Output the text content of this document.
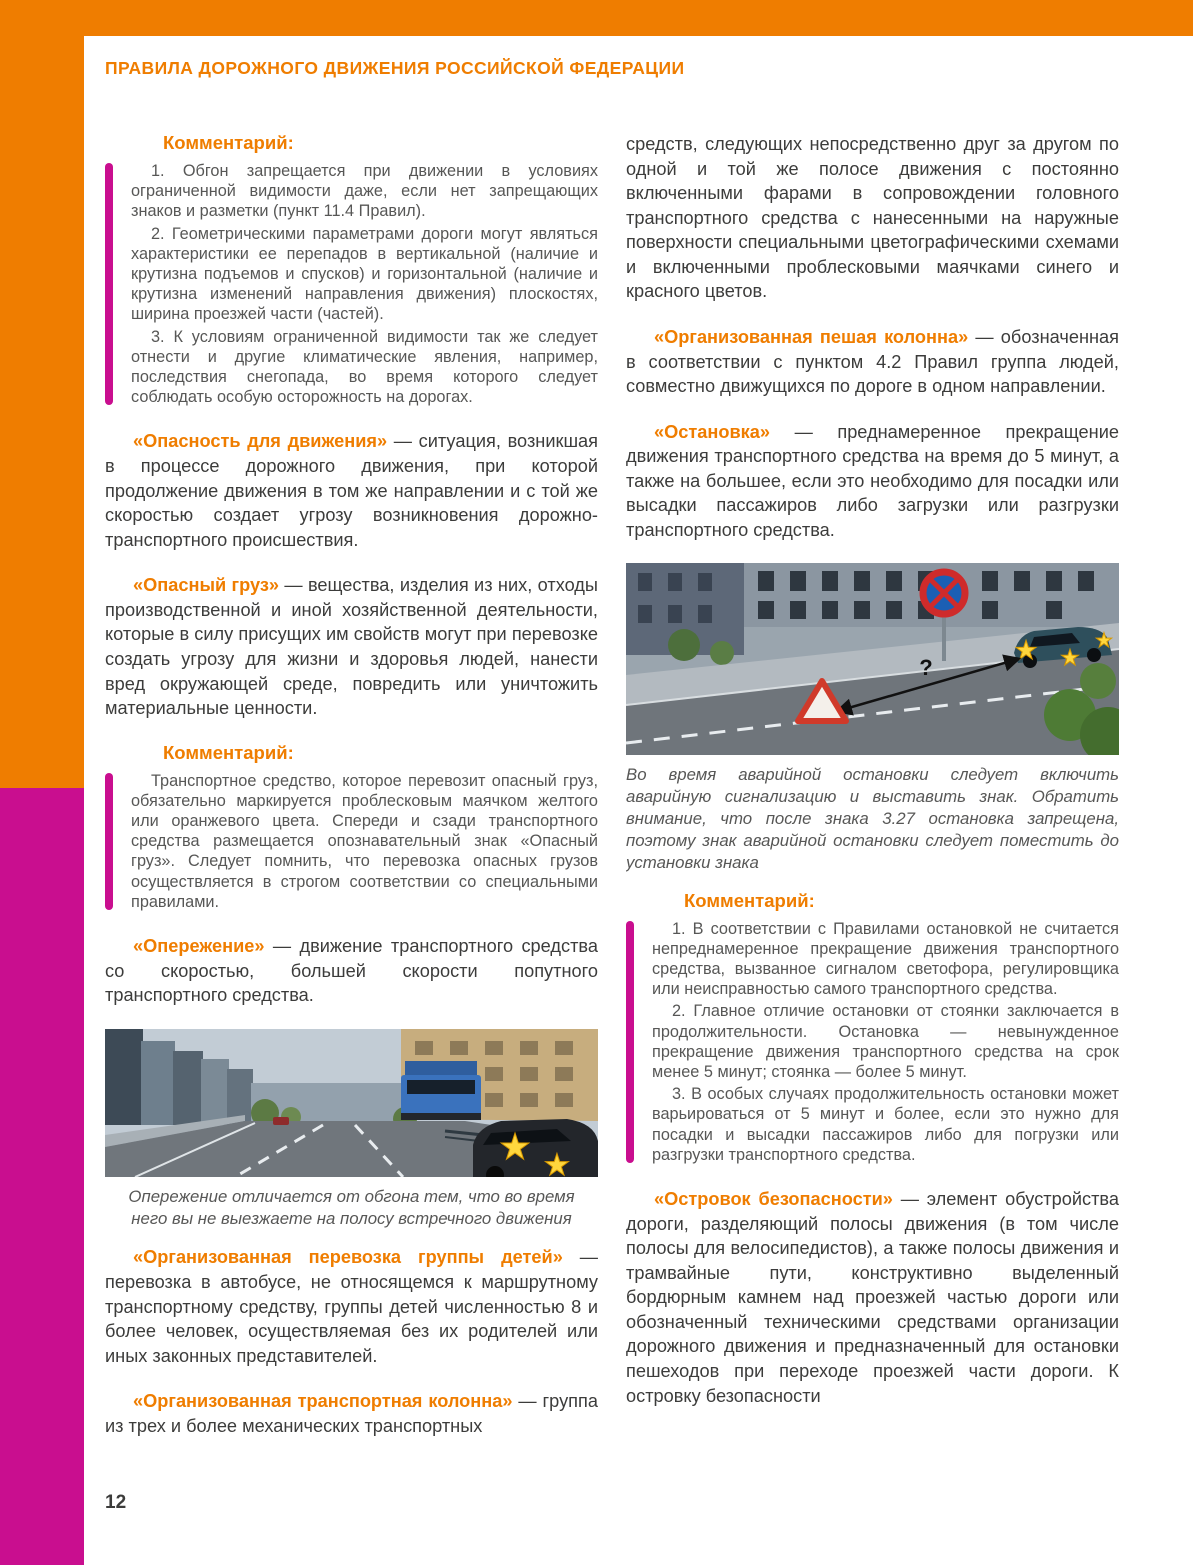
ПРАВИЛА ДОРОЖНОГО ДВИЖЕНИЯ РОССИЙСКОЙ ФЕДЕРАЦИИ
Комментарий:

1. Обгон запрещается при движении в условиях ограниченной видимости даже, если нет запрещающих знаков и разметки (пункт 11.4 Правил).

2. Геометрическими параметрами дороги могут являться характеристики ее перепадов в вертикальной (наличие и крутизна подъемов и спусков) и горизонтальной (наличие и крутизна изменений направления движения) плоскостях, ширина проезжей части (частей).

3. К условиям ограниченной видимости так же следует отнести и другие климатические явления, например, последствия снегопада, во время которого следует соблюдать особую осторожность на дорогах.

«Опасность для движения» — ситуация, возникшая в процессе дорожного движения, при которой продолжение движения в том же направлении и с той же скоростью создает угрозу возникновения дорожно-транспортного происшествия.

«Опасный груз» — вещества, изделия из них, отходы производственной и иной хозяйственной деятельности, которые в силу присущих им свойств могут при перевозке создать угрозу для жизни и здоровья людей, нанести вред окружающей среде, повредить или уничтожить материальные ценности.

Комментарий:

Транспортное средство, которое перевозит опасный груз, обязательно маркируется проблесковым маячком желтого или оранжевого цвета. Спереди и сзади транспортного средства размещается опознавательный знак «Опасный груз». Следует помнить, что перевозка опасных грузов осуществляется в строгом соответствии со специальными правилами.

«Опережение» — движение транспортного средства со скоростью, большей скорости попутного транспортного средства.

★ ★
Опережение отличается от обгона тем, что во время него вы не выезжаете на полосу встречного движения

«Организованная перевозка группы детей» — перевозка в автобусе, не относящемся к маршрутному транспортному средству, группы детей численностью 8 и более человек, осуществляемая без их родителей или иных законных представителей.

«Организованная транспортная колонна» — группа из трех и более механических транспортных

средств, следующих непосредственно друг за другом по одной и той же полосе движения с постоянно включенными фарами в сопровождении головного транспортного средства с нанесенными на наружные поверхности специальными цветографическими схемами и включенными проблесковыми маячками синего и красного цветов.

«Организованная пешая колонна» — обозначенная в соответствии с пунктом 4.2 Правил группа людей, совместно движущихся по дороге в одном направлении.

«Остановка» — преднамеренное прекращение движения транспортного средства на время до 5 минут, а также на большее, если это необходимо для посадки или высадки пассажиров либо загрузки или разгрузки транспортного средства.

★ ★
★
?
Во время аварийной остановки следует включить аварийную сигнализацию и выставить знак. Обратить внимание, что после знака 3.27 остановка запрещена, поэтому знак аварийной остановки следует поместить до установки знака
Комментарий:

1. В соответствии с Правилами остановкой не считается непреднамеренное прекращение движения транспортного средства, вызванное сигналом светофора, регулировщика или неисправностью самого транспортного средства.

2. Главное отличие остановки от стоянки заключается в продолжительности. Остановка — невынужденное прекращение движения транспортного средства на срок менее 5 минут; стоянка — более 5 минут.

3. В особых случаях продолжительность остановки может варьироваться от 5 минут и более, если это нужно для посадки и высадки пассажиров либо для погрузки или разгрузки транспортного средства.

«Островок безопасности» — элемент обустройства дороги, разделяющий полосы движения (в том числе полосы для велосипедистов), а также полосы движения и трамвайные пути, конструктивно выделенный бордюрным камнем над проезжей частью дороги или обозначенный техническими средствами организации дорожного движения и предназначенный для остановки пешеходов при переходе проезжей части дороги. К островку безопасности

12
